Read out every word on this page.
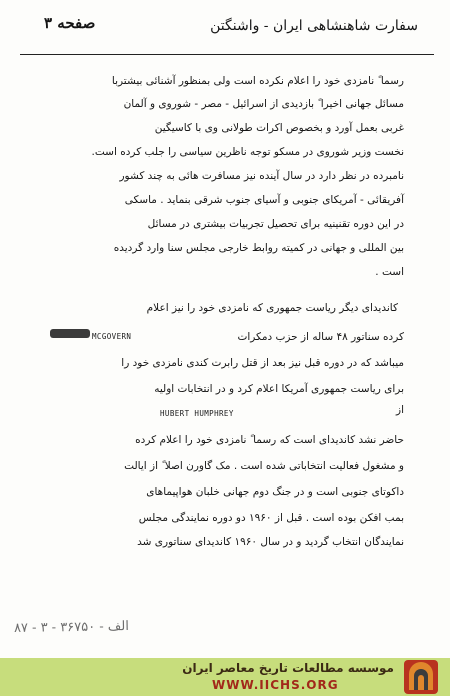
صفحه ۳	سفارت شاهنشاهی ایران - واشنگتن
رسما ً نامزدی خود را اعلام نکرده است ولی بمنظور آشنائی بیشتربا
مسائل جهانی اخیرا ً بازدیدی از اسرائیل - مصر - شوروی و آلمان
غربی بعمل آورد و بخصوص اکرات طولانی وی با کاسیگین
نخست وزیر شوروی در مسکو توجه ناظرین سیاسی را جلب کرده است.
نامبرده در نظر دارد در سال آینده نیز مسافرت هائی به چند کشور
آفریقائی - آمریکای جنوبی و آسیای جنوب شرقی بنماید . ماسکی
در این دوره تقنینیه برای تحصیل تجربیات بیشتری در مسائل
بین المللی و جهانی در کمیته روابط خارجی مجلس سنا وارد گردیده
است .
کاندیدای دیگر ریاست جمهوری که نامزدی خود را نیز اعلام
کرده سناتور ۴۸ ساله از حزب دمکرات
میباشد که در دوره قبل نیز بعد از قتل رابرت کندی نامزدی خود را
برای ریاست جمهوری آمریکا اعلام کرد و در انتخابات اولیه
از
حاضر نشد کاندیدای است که رسما ً نامزدی خود را اعلام کرده
و مشغول فعالیت انتخاباتی شده است . مک گاورن اصلا ً از ایالت
داکوتای جنوبی است و در جنگ دوم جهانی خلبان هواپیماهای
بمب افکن بوده است . قبل از ۱۹۶۰ دو دوره نمایندگی مجلس
نمایندگان انتخاب گردید و در سال ۱۹۶۰ کاندیدای سناتوری شد
MCGOVERN
HUBERT HUMPHREY
۸۷ - ۳ - ۳۶۷۵۰ - الف
موسسه مطالعات تاریخ معاصر ایران
WWW.IICHS.ORG
